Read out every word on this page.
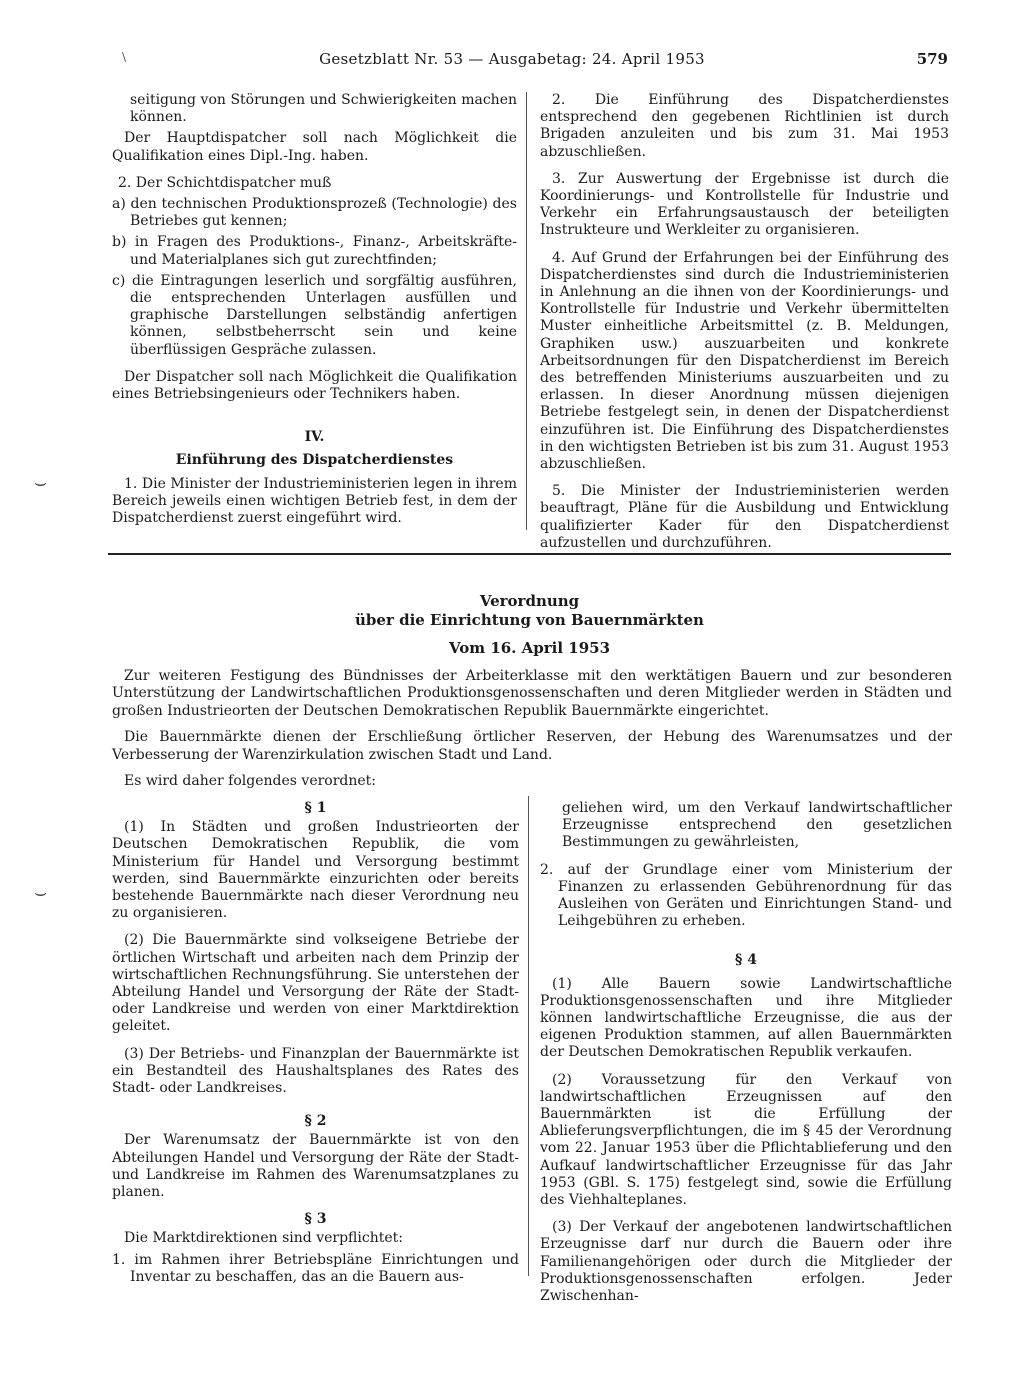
\	Gesetzblatt Nr. 53 — Ausgabetag: 24. April 1953	579

seitigung von Störungen und Schwierigkeiten machen können.

Der Hauptdispatcher soll nach Möglichkeit die Qualifikation eines Dipl.-Ing. haben.

2. Der Schichtdispatcher muß

a) den technischen Produktionsprozeß (Technologie) des Betriebes gut kennen;

b) in Fragen des Produktions-, Finanz-, Arbeitskräfte- und Materialplanes sich gut zurechtfinden;

c) die Eintragungen leserlich und sorgfältig ausführen, die entsprechenden Unterlagen ausfüllen und graphische Darstellungen selbständig anfertigen können, selbstbeherrscht sein und keine überflüssigen Gespräche zulassen.

Der Dispatcher soll nach Möglichkeit die Qualifikation eines Betriebsingenieurs oder Technikers haben.

IV.

Einführung des Dispatcherdienstes

1. Die Minister der Industrieministerien legen in ihrem Bereich jeweils einen wichtigen Betrieb fest, in dem der Dispatcherdienst zuerst eingeführt wird.

2. Die Einführung des Dispatcherdienstes entsprechend den gegebenen Richtlinien ist durch Brigaden anzuleiten und bis zum 31. Mai 1953 abzuschließen.

3. Zur Auswertung der Ergebnisse ist durch die Koordinierungs- und Kontrollstelle für Industrie und Verkehr ein Erfahrungsaustausch der beteiligten Instrukteure und Werkleiter zu organisieren.

4. Auf Grund der Erfahrungen bei der Einführung des Dispatcherdienstes sind durch die Industrieministerien in Anlehnung an die ihnen von der Koordinierungs- und Kontrollstelle für Industrie und Verkehr übermittelten Muster einheitliche Arbeitsmittel (z. B. Meldungen, Graphiken usw.) auszuarbeiten und konkrete Arbeitsordnungen für den Dispatcherdienst im Bereich des betreffenden Ministeriums auszuarbeiten und zu erlassen. In dieser Anordnung müssen diejenigen Betriebe festgelegt sein, in denen der Dispatcherdienst einzuführen ist. Die Einführung des Dispatcherdienstes in den wichtigsten Betrieben ist bis zum 31. August 1953 abzuschließen.

5. Die Minister der Industrieministerien werden beauftragt, Pläne für die Ausbildung und Entwicklung qualifizierter Kader für den Dispatcherdienst aufzustellen und durchzuführen.

⌣
⌣
Verordnung
über die Einrichtung von Bauernmärkten
Vom 16. April 1953

Zur weiteren Festigung des Bündnisses der Arbeiterklasse mit den werktätigen Bauern und zur besonderen Unterstützung der Landwirtschaftlichen Produktionsgenossenschaften und deren Mitglieder werden in Städten und großen Industrieorten der Deutschen Demokratischen Republik Bauernmärkte eingerichtet.

Die Bauernmärkte dienen der Erschließung örtlicher Reserven, der Hebung des Warenumsatzes und der Verbesserung der Warenzirkulation zwischen Stadt und Land.

Es wird daher folgendes verordnet:

§ 1

(1) In Städten und großen Industrieorten der Deutschen Demokratischen Republik, die vom Ministerium für Handel und Versorgung bestimmt werden, sind Bauernmärkte einzurichten oder bereits bestehende Bauernmärkte nach dieser Verordnung neu zu organisieren.

(2) Die Bauernmärkte sind volkseigene Betriebe der örtlichen Wirtschaft und arbeiten nach dem Prinzip der wirtschaftlichen Rechnungsführung. Sie unterstehen der Abteilung Handel und Versorgung der Räte der Stadt- oder Landkreise und werden von einer Marktdirektion geleitet.

(3) Der Betriebs- und Finanzplan der Bauernmärkte ist ein Bestandteil des Haushaltsplanes des Rates des Stadt- oder Landkreises.

§ 2

Der Warenumsatz der Bauernmärkte ist von den Abteilungen Handel und Versorgung der Räte der Stadt- und Landkreise im Rahmen des Warenumsatzplanes zu planen.

§ 3

Die Marktdirektionen sind verpflichtet:

1. im Rahmen ihrer Betriebspläne Einrichtungen und Inventar zu beschaffen, das an die Bauern aus-

geliehen wird, um den Verkauf landwirtschaftlicher Erzeugnisse entsprechend den gesetzlichen Bestimmungen zu gewährleisten,

2. auf der Grundlage einer vom Ministerium der Finanzen zu erlassenden Gebührenordnung für das Ausleihen von Geräten und Einrichtungen Stand- und Leihgebühren zu erheben.

§ 4

(1) Alle Bauern sowie Landwirtschaftliche Produktionsgenossenschaften und ihre Mitglieder können landwirtschaftliche Erzeugnisse, die aus der eigenen Produktion stammen, auf allen Bauernmärkten der Deutschen Demokratischen Republik verkaufen.

(2) Voraussetzung für den Verkauf von landwirtschaftlichen Erzeugnissen auf den Bauernmärkten ist die Erfüllung der Ablieferungsverpflichtungen, die im § 45 der Verordnung vom 22. Januar 1953 über die Pflichtablieferung und den Aufkauf landwirtschaftlicher Erzeugnisse für das Jahr 1953 (GBl. S. 175) festgelegt sind, sowie die Erfüllung des Viehhalteplanes.

(3) Der Verkauf der angebotenen landwirtschaftlichen Erzeugnisse darf nur durch die Bauern oder ihre Familienangehörigen oder durch die Mitglieder der Produktionsgenossenschaften erfolgen. Jeder Zwischenhan-
